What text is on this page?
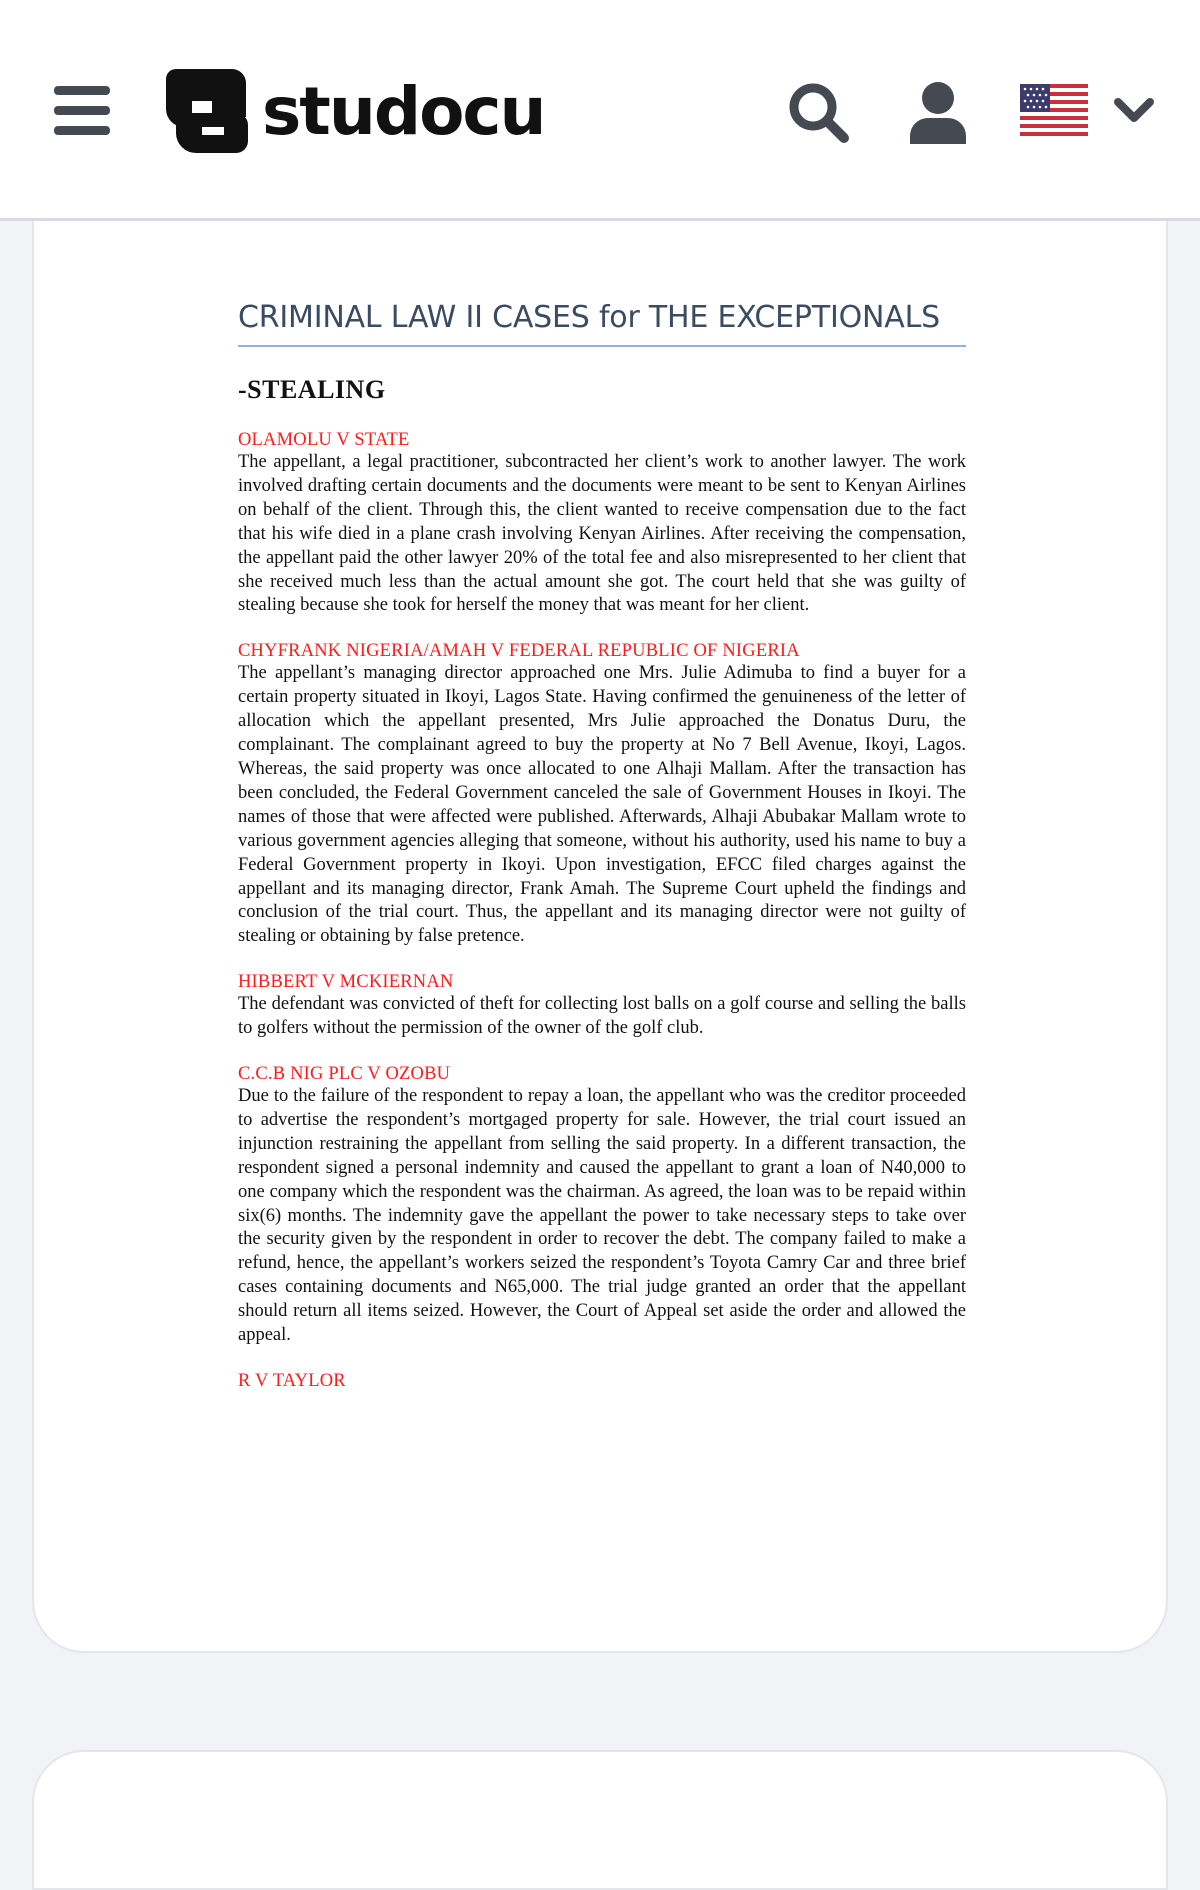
studocu
CRIMINAL LAW II CASES for THE EXCEPTIONALS
-STEALING
OLAMOLU V STATE
The appellant, a legal practitioner, subcontracted her client’s work to another lawyer. The work involved drafting certain documents and the documents were meant to be sent to Kenyan Airlines on behalf of the client. Through this, the client wanted to receive compensation due to the fact that his wife died in a plane crash involving Kenyan Airlines. After receiving the compensation, the appellant paid the other lawyer 20% of the total fee and also misrepresented to her client that she received much less than the actual amount she got. The court held that she was guilty of stealing because she took for herself the money that was meant for her client.
CHYFRANK NIGERIA/AMAH V FEDERAL REPUBLIC OF NIGERIA
The appellant’s managing director approached one Mrs. Julie Adimuba to find a buyer for a certain property situated in Ikoyi, Lagos State. Having confirmed the genuineness of the letter of allocation which the appellant presented, Mrs Julie approached the Donatus Duru, the complainant. The complainant agreed to buy the property at No 7 Bell Avenue, Ikoyi, Lagos. Whereas, the said property was once allocated to one Alhaji Mallam. After the transaction has been concluded, the Federal Government canceled the sale of Government Houses in Ikoyi. The names of those that were affected were published. Afterwards, Alhaji Abubakar Mallam wrote to various government agencies alleging that someone, without his authority, used his name to buy a Federal Government property in Ikoyi. Upon investigation, EFCC filed charges against the appellant and its managing director, Frank Amah. The Supreme Court upheld the findings and conclusion of the trial court. Thus, the appellant and its managing director were not guilty of stealing or obtaining by false pretence.
HIBBERT V MCKIERNAN
The defendant was convicted of theft for collecting lost balls on a golf course and selling the balls to golfers without the permission of the owner of the golf club.
C.C.B NIG PLC V OZOBU
Due to the failure of the respondent to repay a loan, the appellant who was the creditor proceeded to advertise the respondent’s mortgaged property for sale. However, the trial court issued an injunction restraining the appellant from selling the said property. In a different transaction, the respondent signed a personal indemnity and caused the appellant to grant a loan of N40,000 to one company which the respondent was the chairman. As agreed, the loan was to be repaid within six(6) months. The indemnity gave the appellant the power to take necessary steps to take over the security given by the respondent in order to recover the debt. The company failed to make a refund, hence, the appellant’s workers seized the respondent’s Toyota Camry Car and three brief cases containing documents and N65,000. The trial judge granted an order that the appellant should return all items seized. However, the Court of Appeal set aside the order and allowed the appeal.
R V TAYLOR
